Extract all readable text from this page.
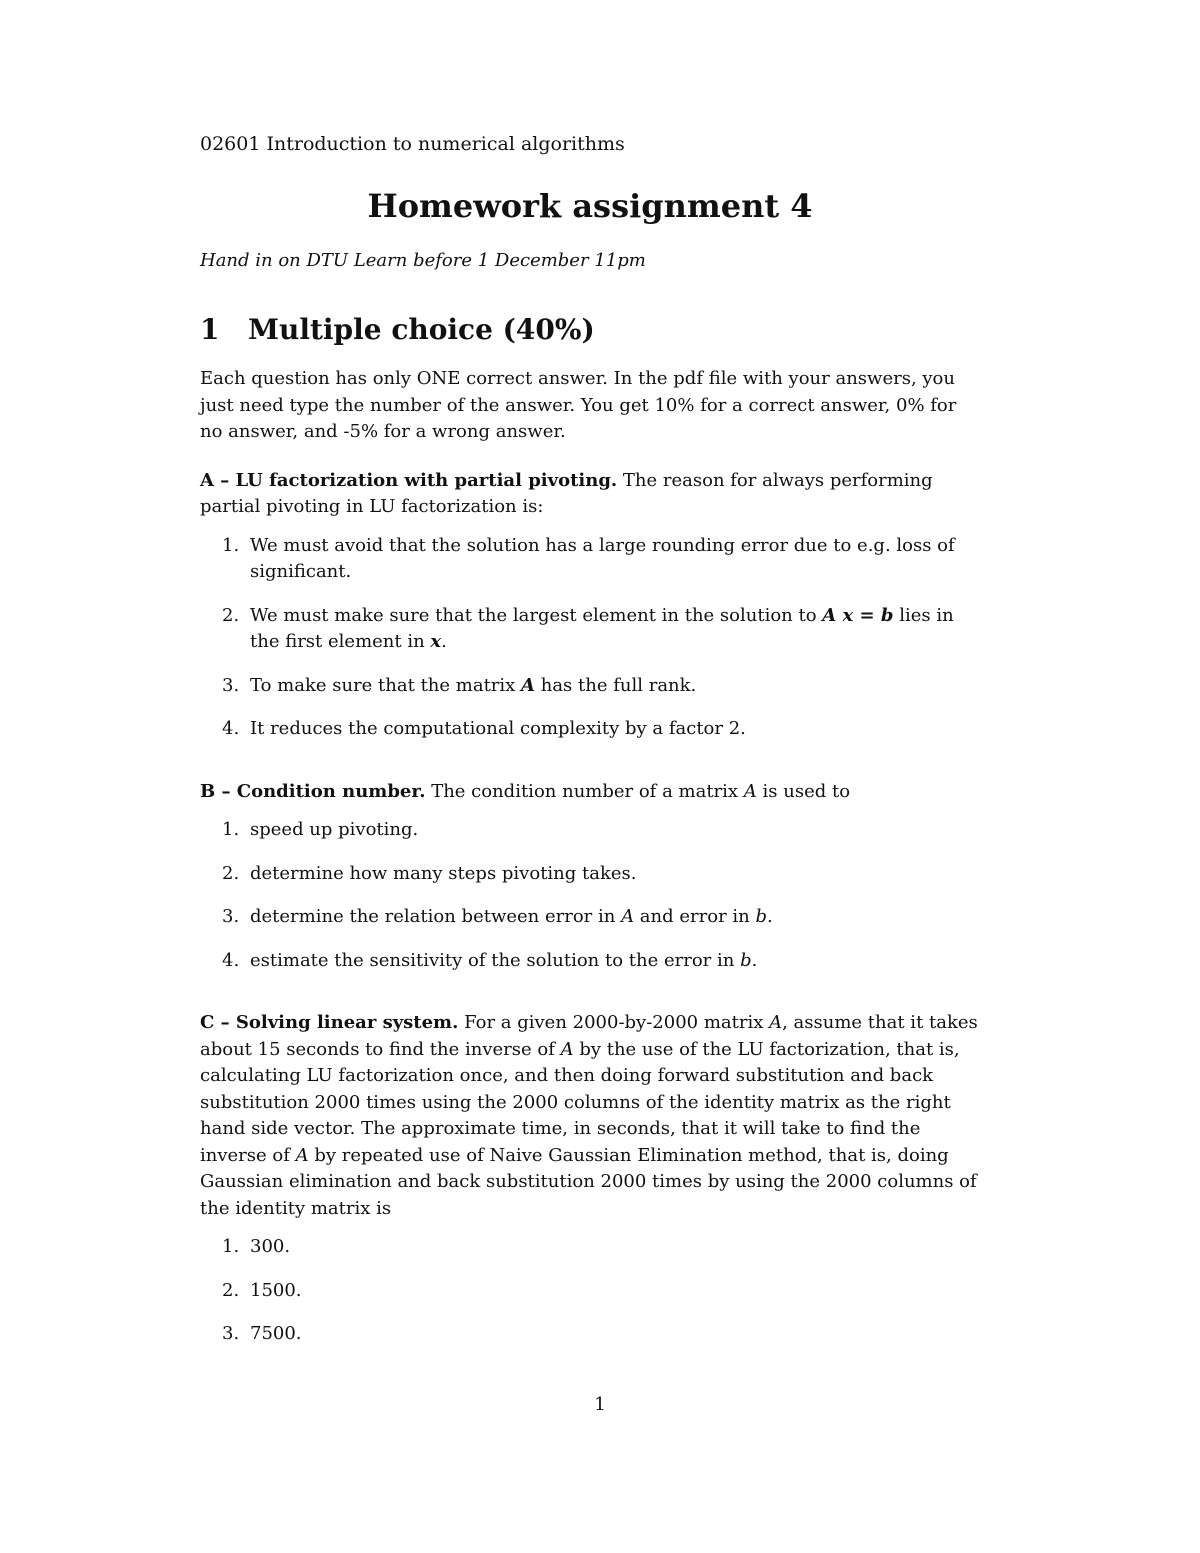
02601 Introduction to numerical algorithms

Homework assignment 4
Hand in on DTU Learn before 1 December 11pm
1 Multiple choice (40%)

Each question has only ONE correct answer. In the pdf file with your answers, you just need type the number of the answer. You get 10% for a correct answer, 0% for no answer, and -5% for a wrong answer.

A – LU factorization with partial pivoting. The reason for always performing partial pivoting in LU factorization is:

1. We must avoid that the solution has a large rounding error due to e.g. loss of significant.
2. We must make sure that the largest element in the solution to A x = b lies in the first element in x.
3. To make sure that the matrix A has the full rank.
4. It reduces the computational complexity by a factor 2.

B – Condition number. The condition number of a matrix A is used to

1. speed up pivoting.
2. determine how many steps pivoting takes.
3. determine the relation between error in A and error in b.
4. estimate the sensitivity of the solution to the error in b.

C – Solving linear system. For a given 2000-by-2000 matrix A, assume that it takes about 15 seconds to find the inverse of A by the use of the LU factorization, that is, calculating LU factorization once, and then doing forward substitution and back substitution 2000 times using the 2000 columns of the identity matrix as the right hand side vector. The approximate time, in seconds, that it will take to find the inverse of A by repeated use of Naive Gaussian Elimination method, that is, doing Gaussian elimination and back substitution 2000 times by using the 2000 columns of the identity matrix is

1. 300.
2. 1500.
3. 7500.
1
